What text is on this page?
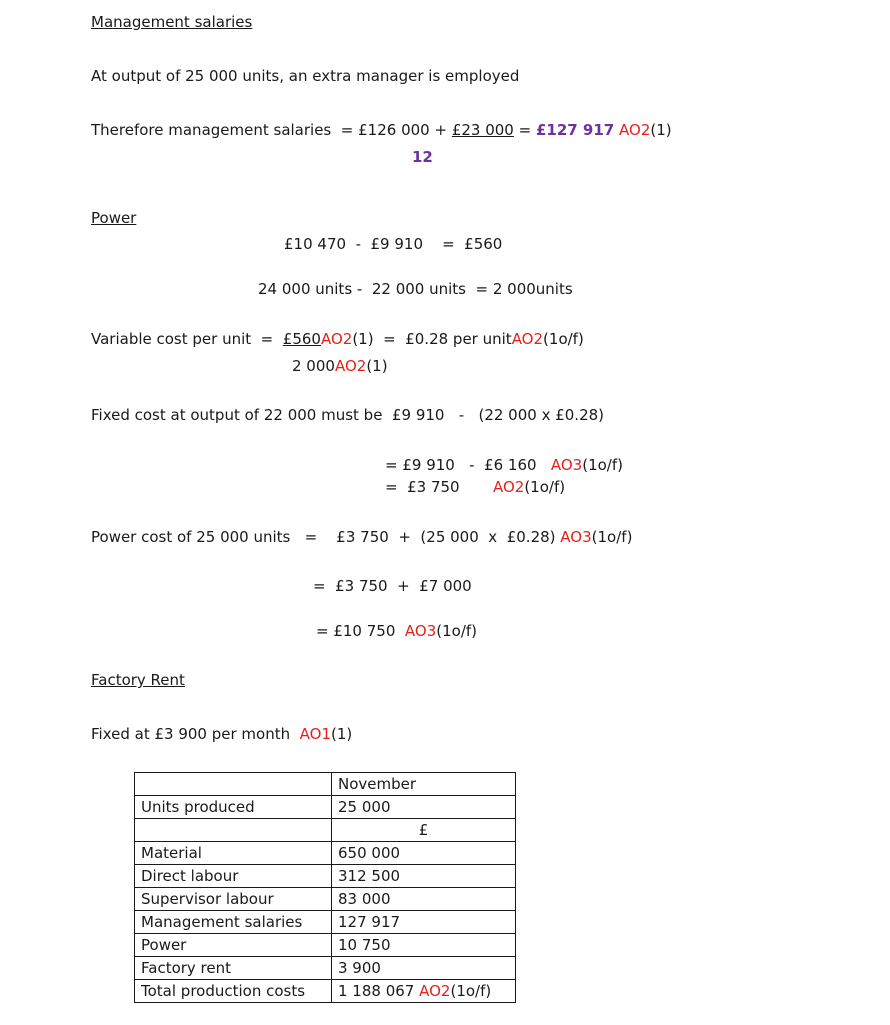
Management salaries
At output of 25 000 units, an extra manager is employed
Therefore management salaries  = £126 000 + £23 000 = £127 917 AO2(1)
12
Power
£10 470  -  £9 910    =  £560
24 000 units -  22 000 units  = 2 000units
Variable cost per unit  =  £560AO2(1)  =  £0.28 per unitAO2(1o/f)
2 000AO2(1)
Fixed cost at output of 22 000 must be  £9 910   -   (22 000 x £0.28)
= £9 910   -  £6 160   AO3(1o/f)
=  £3 750       AO2(1o/f)
Power cost of 25 000 units   =    £3 750  +  (25 000  x  £0.28) AO3(1o/f)
=  £3 750  +  £7 000
= £10 750  AO3(1o/f)
Factory Rent
Fixed at £3 900 per month  AO1(1)
	November
Units produced	25 000
	£
Material	650 000
Direct labour	312 500
Supervisor labour	83 000
Management salaries	127 917
Power	10 750
Factory rent	3 900
Total production costs	1 188 067 AO2(1o/f)
